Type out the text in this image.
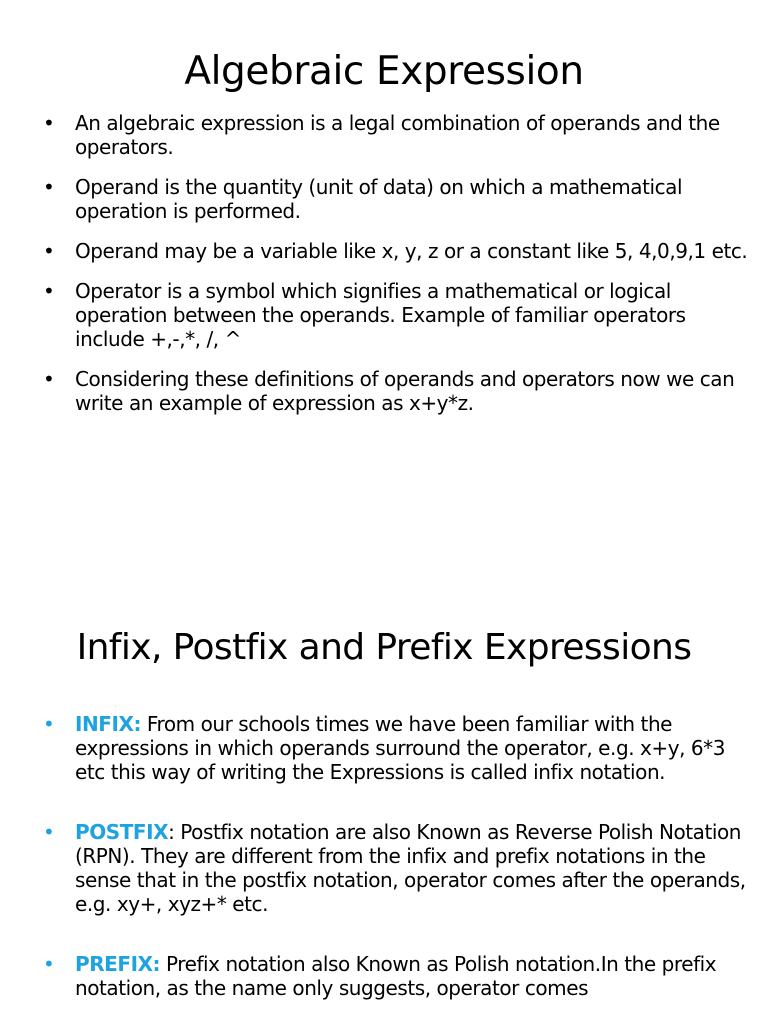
Algebraic Expression
• An algebraic expression is a legal combination of operands and the operators.
• Operand is the quantity (unit of data) on which a mathematical operation is performed.
• Operand may be a variable like x, y, z or a constant like 5, 4,0,9,1 etc.
• Operator is a symbol which signifies a mathematical or logical operation between the operands. Example of familiar operators include +,-,*, /, ^
• Considering these definitions of operands and operators now we can write an example of expression as x+y*z.
Infix, Postfix and Prefix Expressions
• INFIX: From our schools times we have been familiar with the expressions in which operands surround the operator, e.g. x+y, 6*3 etc this way of writing the Expressions is called infix notation.
• POSTFIX: Postfix notation are also Known as Reverse Polish Notation (RPN). They are different from the infix and prefix notations in the sense that in the postfix notation, operator comes after the operands, e.g. xy+, xyz+* etc.
• PREFIX: Prefix notation also Known as Polish notation.In the prefix notation, as the name only suggests, operator comes
